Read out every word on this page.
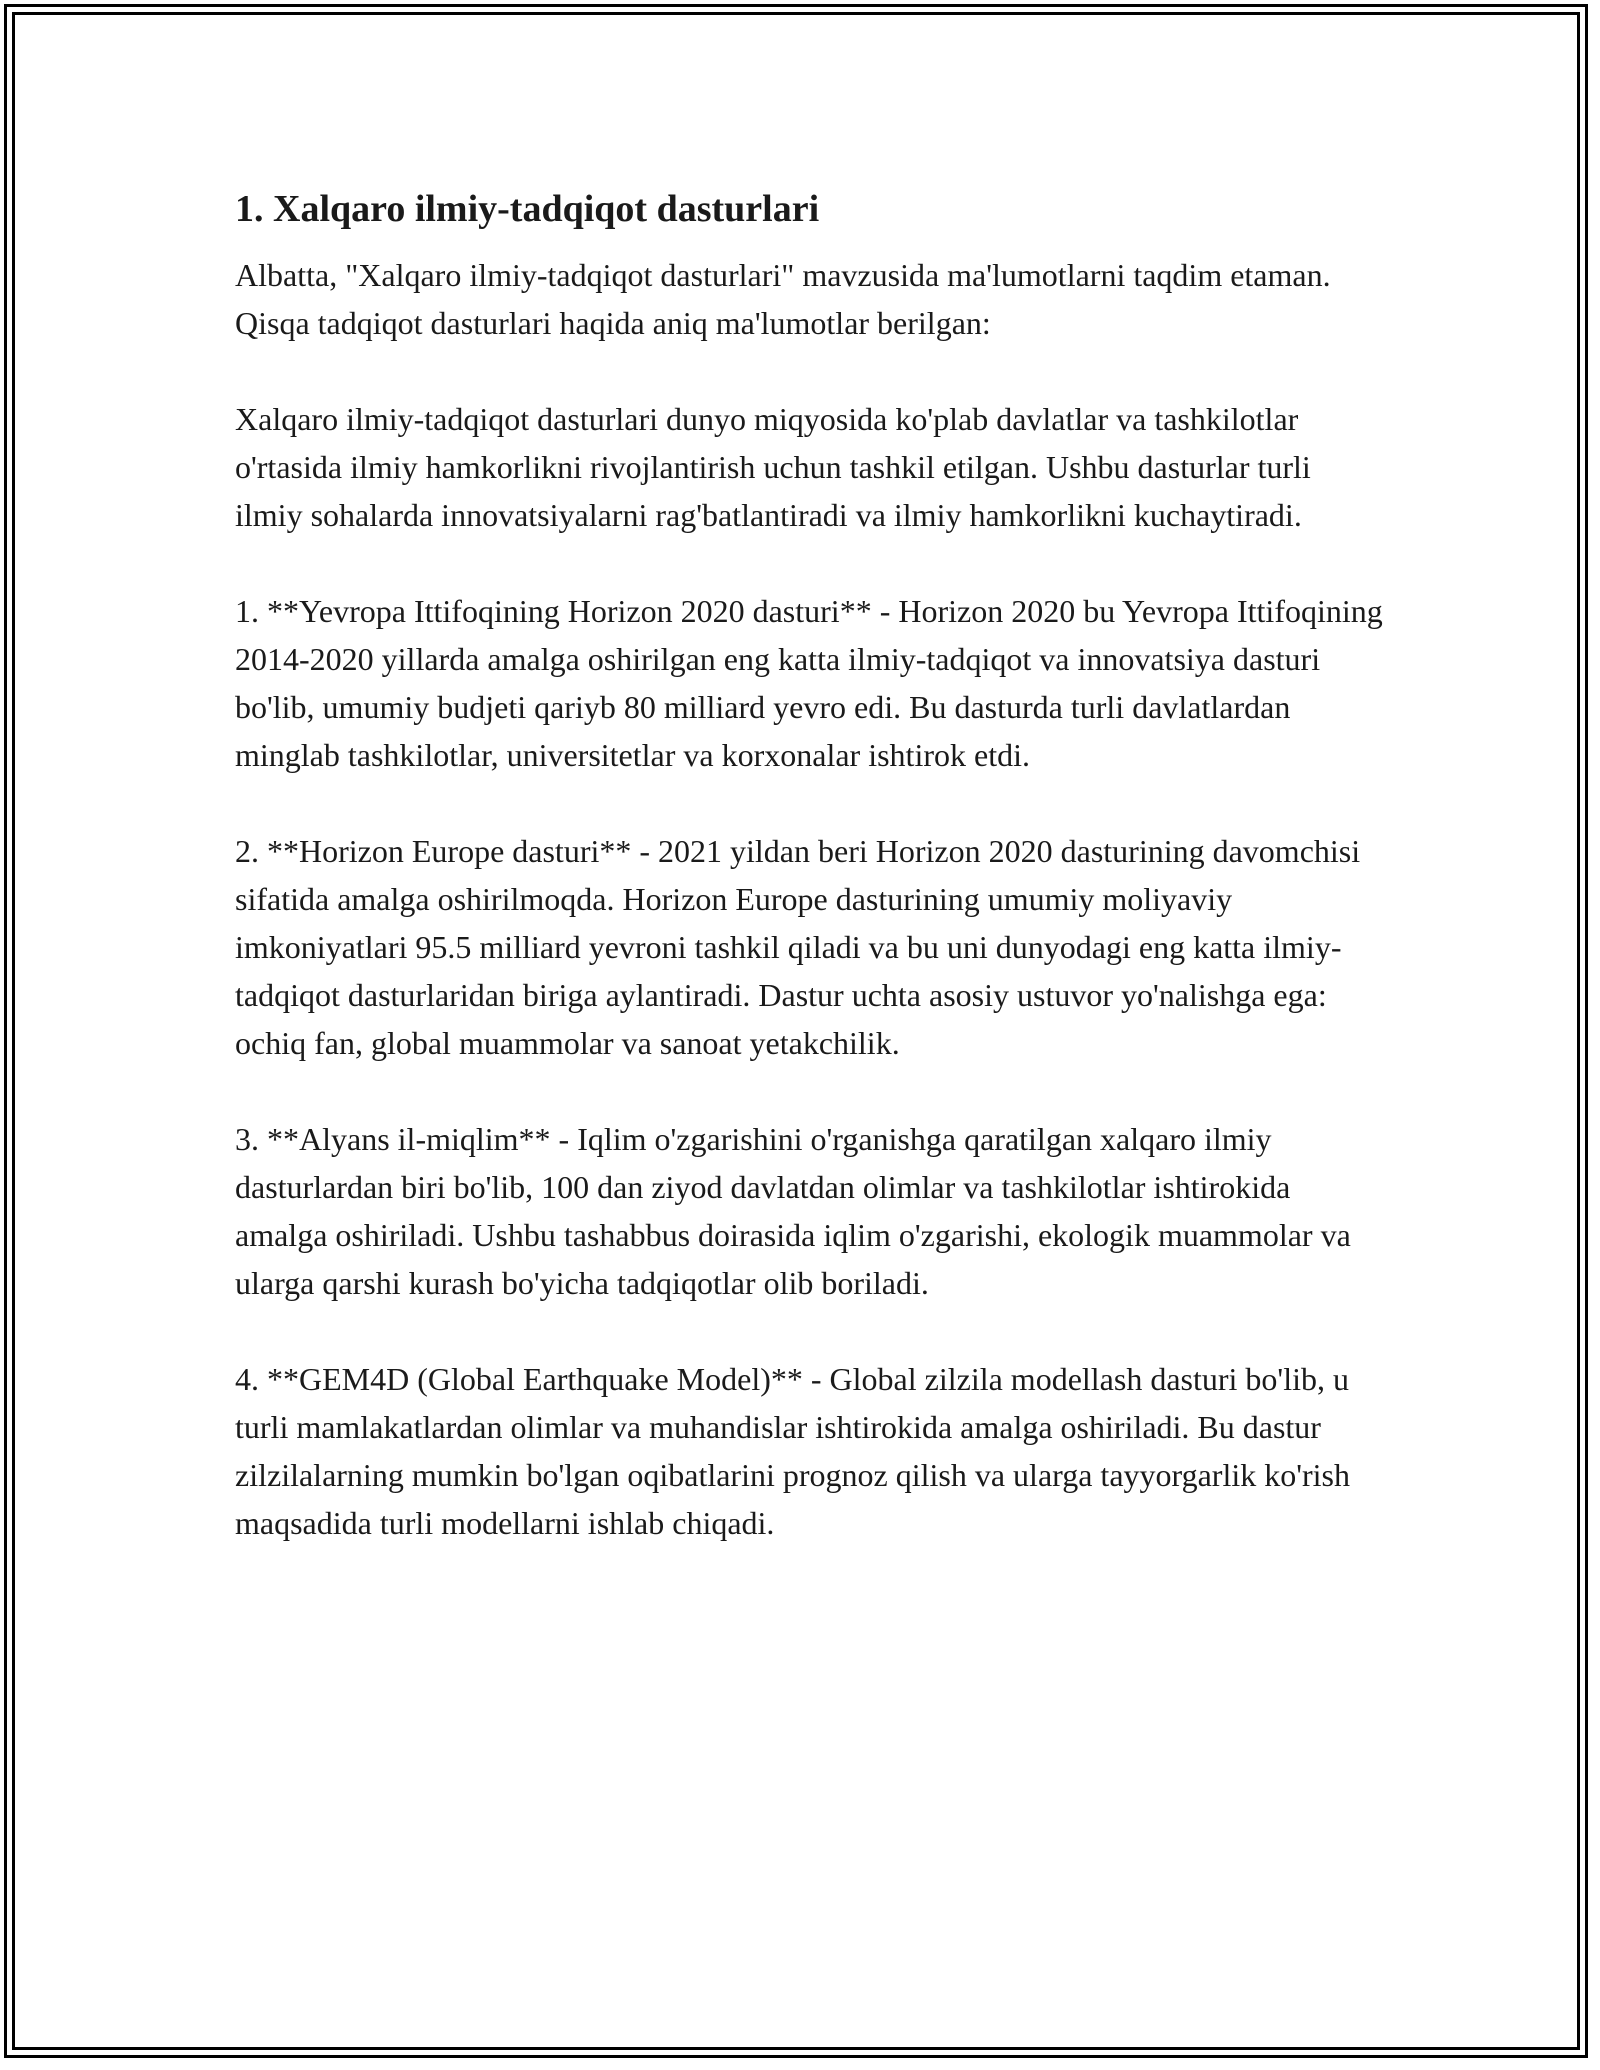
1. Xalqaro ilmiy-tadqiqot dasturlari

Albatta, "Xalqaro ilmiy-tadqiqot dasturlari" mavzusida ma'lumotlarni taqdim etaman. Qisqa tadqiqot dasturlari haqida aniq ma'lumotlar berilgan:

Xalqaro ilmiy-tadqiqot dasturlari dunyo miqyosida ko'plab davlatlar va tashkilotlar o'rtasida ilmiy hamkorlikni rivojlantirish uchun tashkil etilgan. Ushbu dasturlar turli ilmiy sohalarda innovatsiyalarni rag'batlantiradi va ilmiy hamkorlikni kuchaytiradi.

1. **Yevropa Ittifoqining Horizon 2020 dasturi** - Horizon 2020 bu Yevropa Ittifoqining 2014-2020 yillarda amalga oshirilgan eng katta ilmiy-tadqiqot va innovatsiya dasturi bo'lib, umumiy budjeti qariyb 80 milliard yevro edi. Bu dasturda turli davlatlardan minglab tashkilotlar, universitetlar va korxonalar ishtirok etdi.

2. **Horizon Europe dasturi** - 2021 yildan beri Horizon 2020 dasturining davomchisi sifatida amalga oshirilmoqda. Horizon Europe dasturining umumiy moliyaviy imkoniyatlari 95.5 milliard yevroni tashkil qiladi va bu uni dunyodagi eng katta ilmiy-tadqiqot dasturlaridan biriga aylantiradi. Dastur uchta asosiy ustuvor yo'nalishga ega: ochiq fan, global muammolar va sanoat yetakchilik.

3. **Alyans il-miqlim** - Iqlim o'zgarishini o'rganishga qaratilgan xalqaro ilmiy dasturlardan biri bo'lib, 100 dan ziyod davlatdan olimlar va tashkilotlar ishtirokida amalga oshiriladi. Ushbu tashabbus doirasida iqlim o'zgarishi, ekologik muammolar va ularga qarshi kurash bo'yicha tadqiqotlar olib boriladi.

4. **GEM4D (Global Earthquake Model)** - Global zilzila modellash dasturi bo'lib, u turli mamlakatlardan olimlar va muhandislar ishtirokida amalga oshiriladi. Bu dastur zilzilalarning mumkin bo'lgan oqibatlarini prognoz qilish va ularga tayyorgarlik ko'rish maqsadida turli modellarni ishlab chiqadi.
